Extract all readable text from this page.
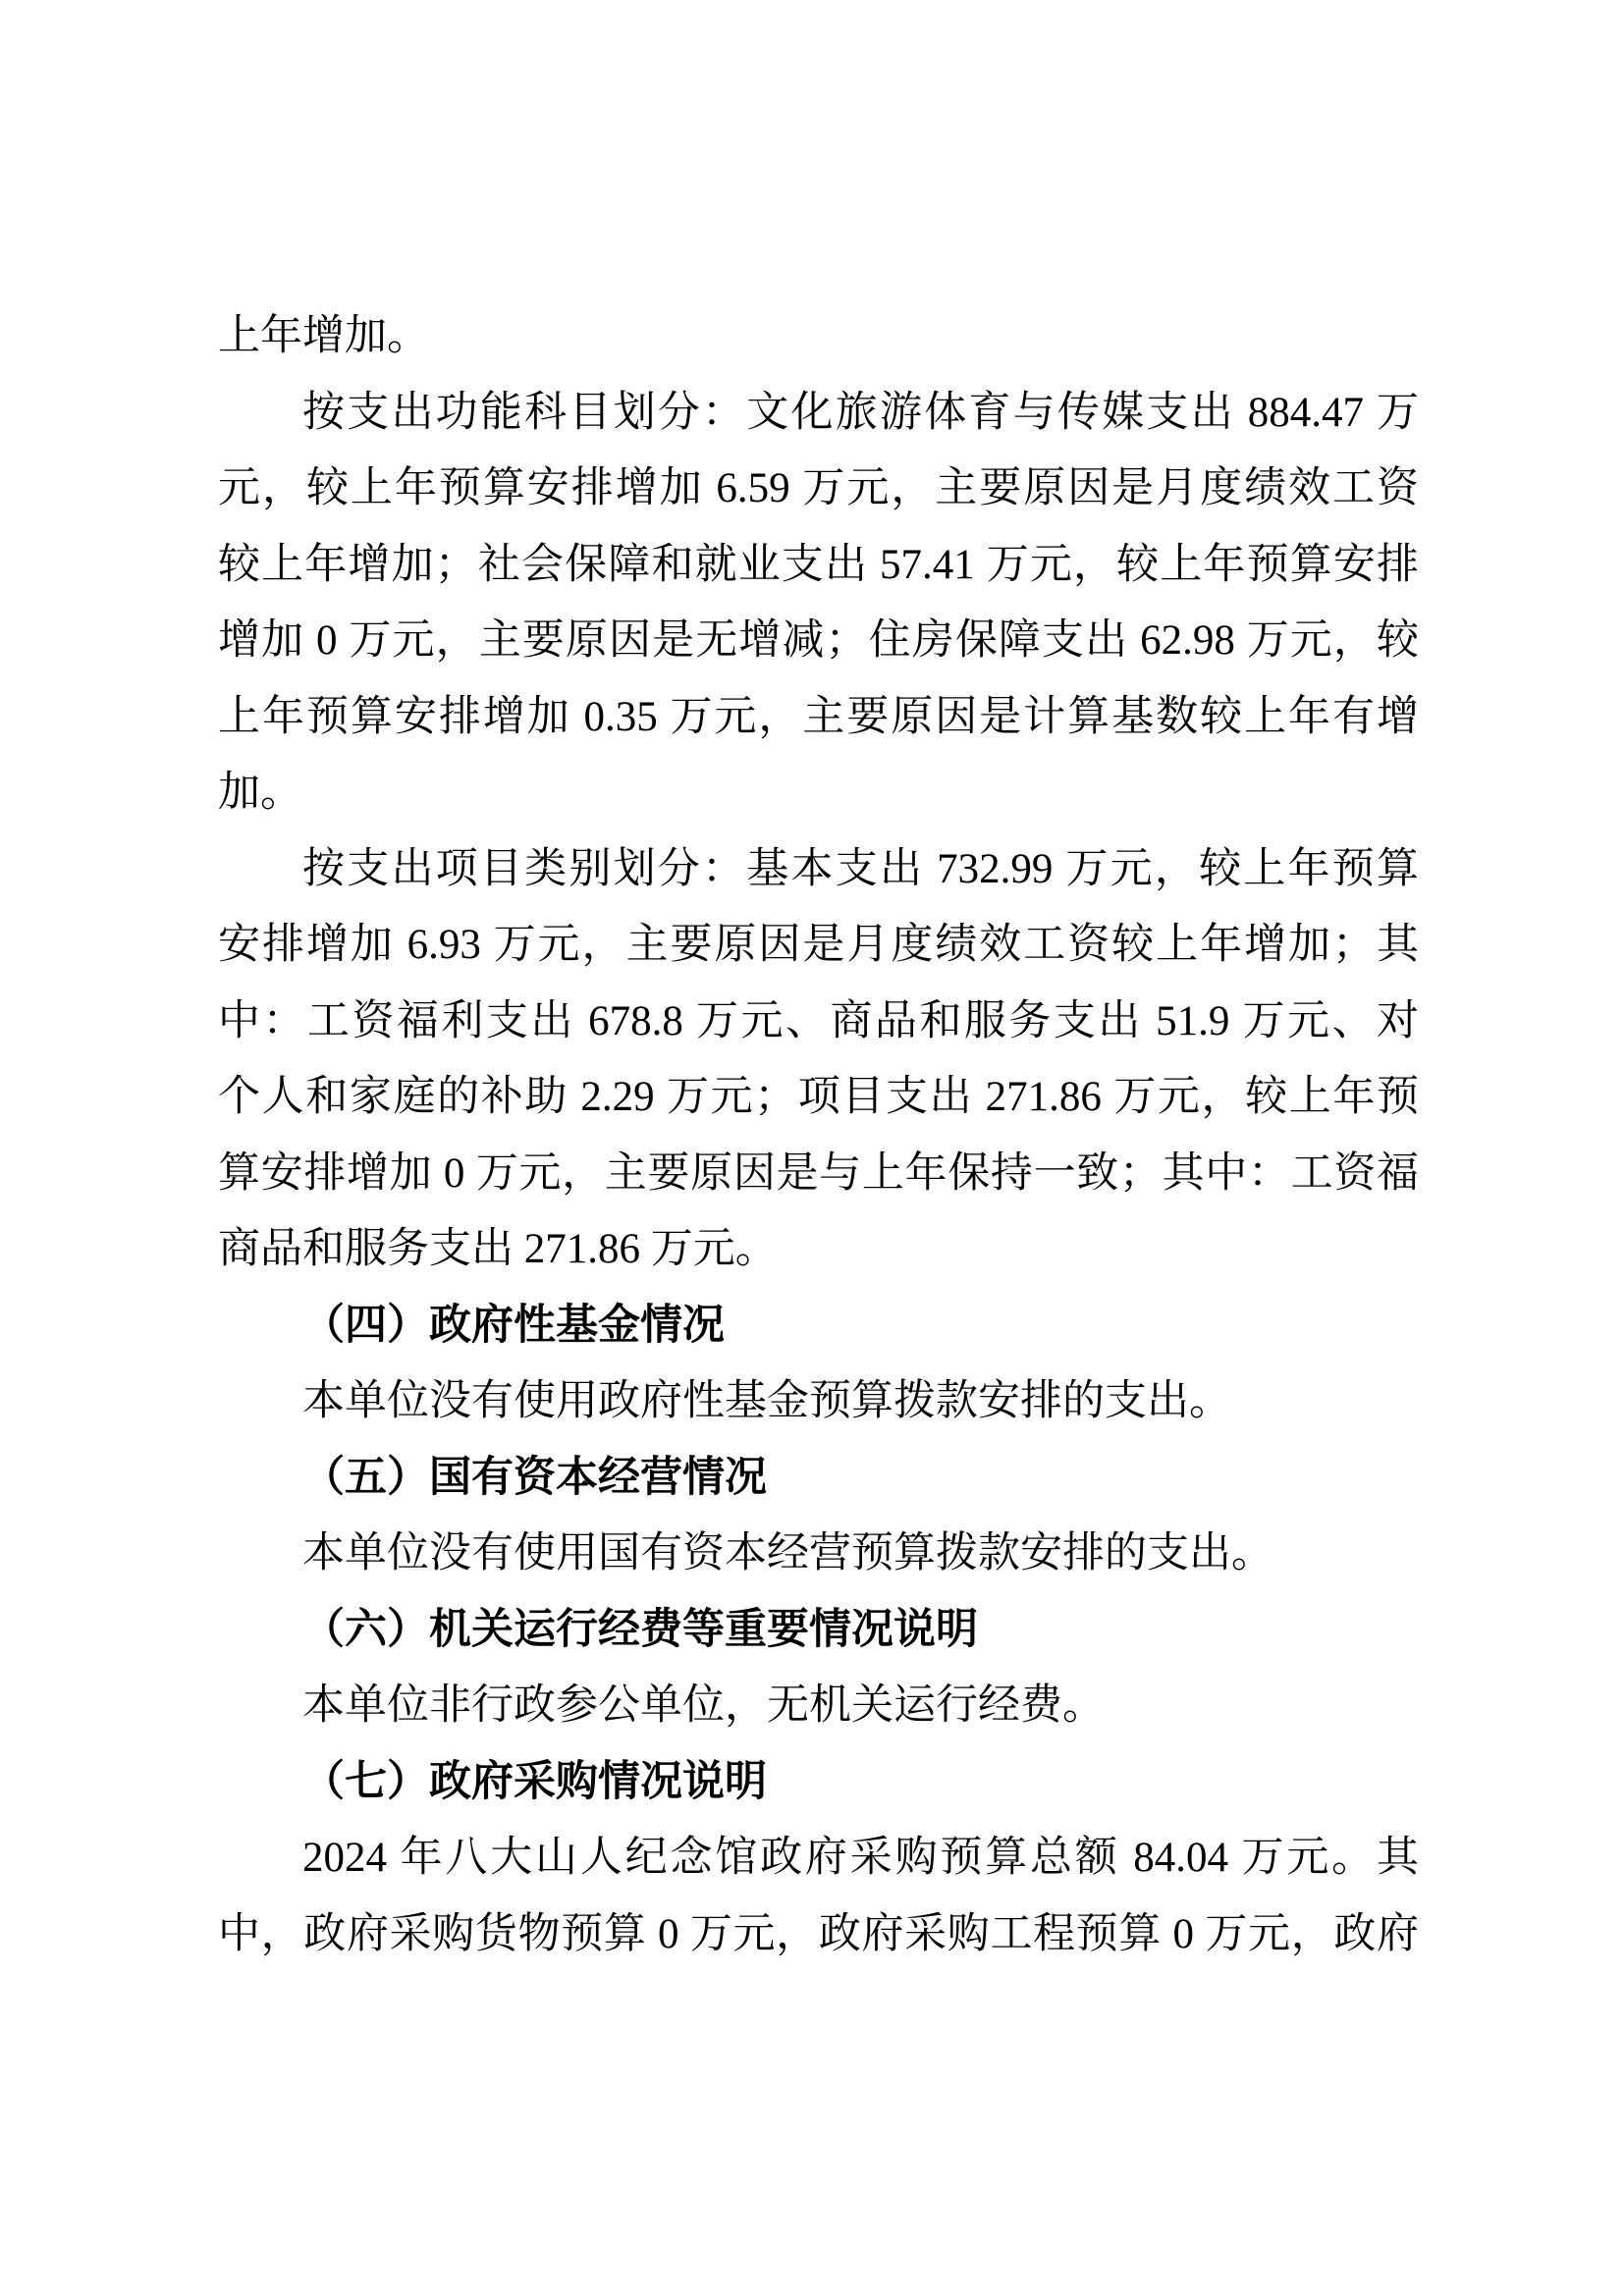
上年增加。
按支出功能科目划分：文化旅游体育与传媒支出 884.47 万
元，较上年预算安排增加 6.59 万元，主要原因是月度绩效工资
较上年增加；社会保障和就业支出 57.41 万元，较上年预算安排
增加 0 万元，主要原因是无增减；住房保障支出 62.98 万元，较
上年预算安排增加 0.35 万元，主要原因是计算基数较上年有增
加。
按支出项目类别划分：基本支出 732.99 万元，较上年预算
安排增加 6.93 万元，主要原因是月度绩效工资较上年增加；其
中：工资福利支出 678.8 万元、商品和服务支出 51.9 万元、对
个人和家庭的补助 2.29 万元；项目支出 271.86 万元，较上年预
算安排增加 0 万元，主要原因是与上年保持一致；其中：工资福
商品和服务支出 271.86 万元。
（四）政府性基金情况
本单位没有使用政府性基金预算拨款安排的支出。
（五）国有资本经营情况
本单位没有使用国有资本经营预算拨款安排的支出。
（六）机关运行经费等重要情况说明
本单位非行政参公单位，无机关运行经费。
（七）政府采购情况说明
2024 年八大山人纪念馆政府采购预算总额 84.04 万元。其
中，政府采购货物预算 0 万元，政府采购工程预算 0 万元，政府
